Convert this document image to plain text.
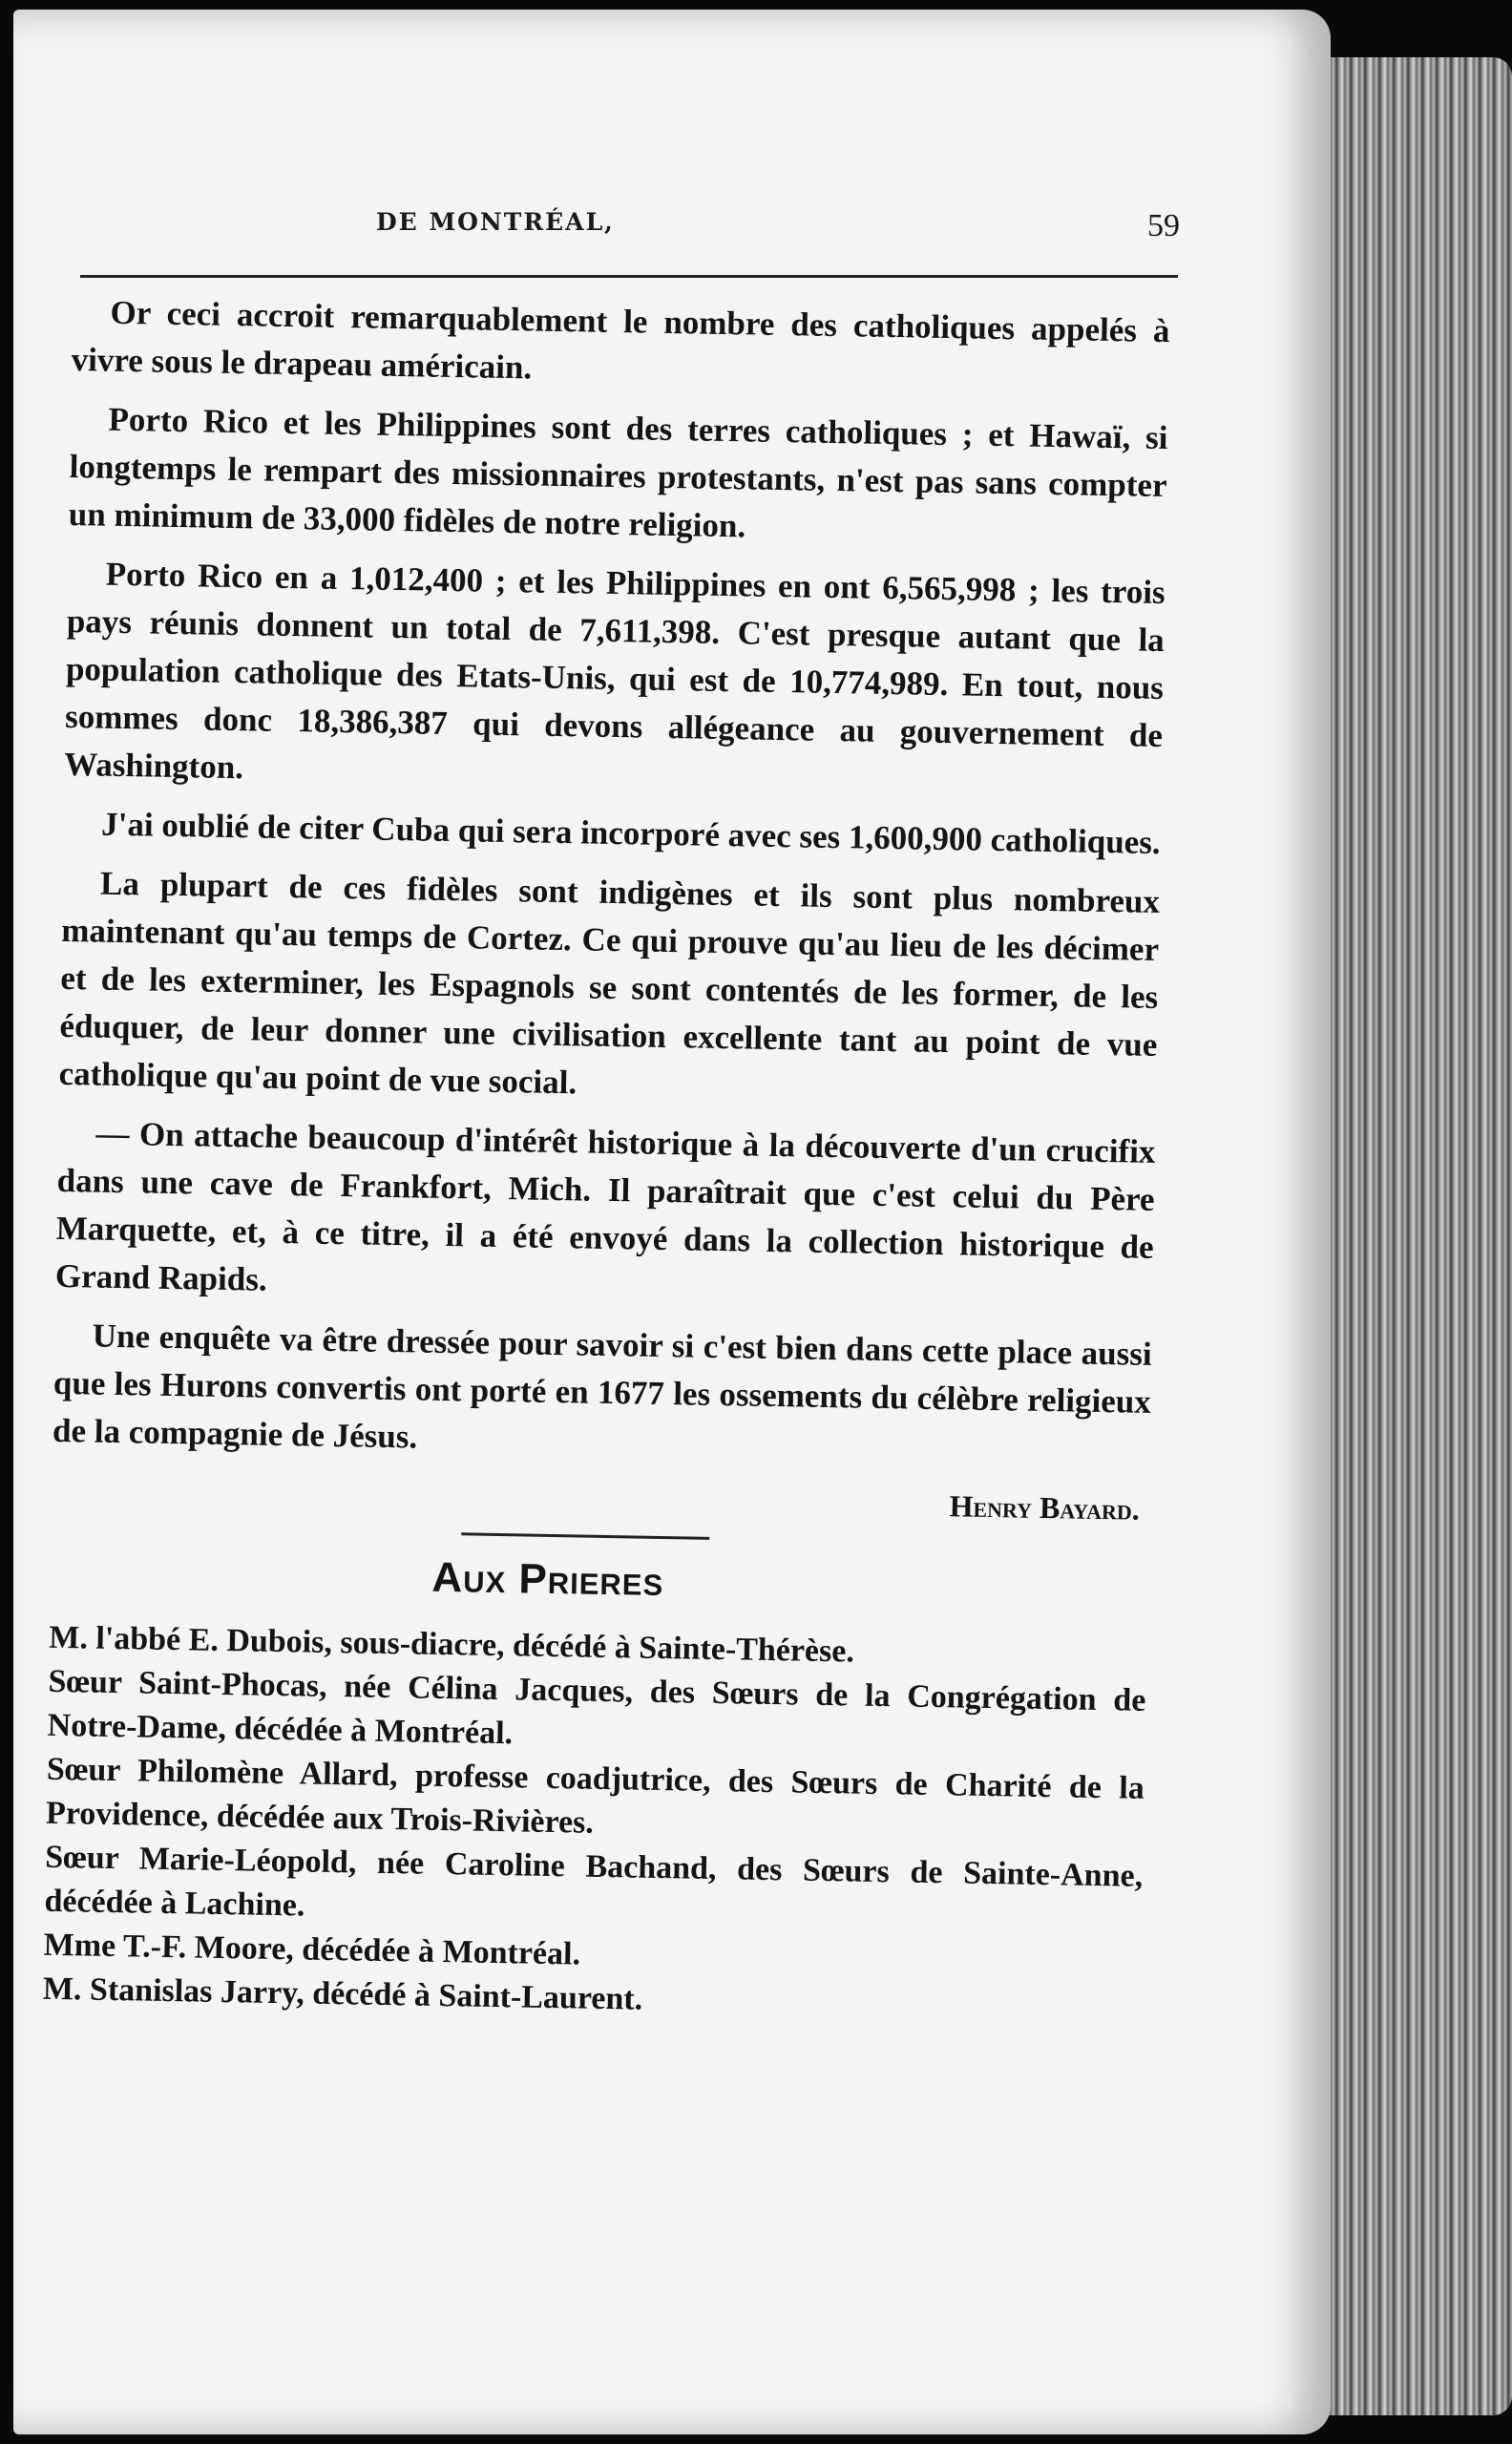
DE MONTRÉAL,	59

Or ceci accroit remarquablement le nombre des catholiques appelés à vivre sous le drapeau américain.

Porto Rico et les Philippines sont des terres catholiques ; et Hawaï, si longtemps le rempart des missionnaires protestants, n'est pas sans compter un minimum de 33,000 fidèles de notre religion.

Porto Rico en a 1,012,400 ; et les Philippines en ont 6,565,998 ; les trois pays réunis donnent un total de 7,611,398. C'est presque autant que la population catholique des Etats-Unis, qui est de 10,774,989. En tout, nous sommes donc 18,386,387 qui devons allégeance au gouvernement de Washington.

J'ai oublié de citer Cuba qui sera incorporé avec ses 1,600,900 catholiques.

La plupart de ces fidèles sont indigènes et ils sont plus nombreux maintenant qu'au temps de Cortez. Ce qui prouve qu'au lieu de les décimer et de les exterminer, les Espagnols se sont contentés de les former, de les éduquer, de leur donner une civilisation excellente tant au point de vue catholique qu'au point de vue social.

— On attache beaucoup d'intérêt historique à la découverte d'un crucifix dans une cave de Frankfort, Mich. Il paraîtrait que c'est celui du Père Marquette, et, à ce titre, il a été envoyé dans la collection historique de Grand Rapids.

Une enquête va être dressée pour savoir si c'est bien dans cette place aussi que les Hurons convertis ont porté en 1677 les ossements du célèbre religieux de la compagnie de Jésus.

Henry Bayard.
Aux Prieres
M. l'abbé E. Dubois, sous-diacre, décédé à Sainte-Thérèse.
Sœur Saint-Phocas, née Célina Jacques, des Sœurs de la Congrégation de Notre-Dame, décédée à Montréal.
Sœur Philomène Allard, professe coadjutrice, des Sœurs de Charité de la Providence, décédée aux Trois-Rivières.
Sœur Marie-Léopold, née Caroline Bachand, des Sœurs de Sainte-Anne, décédée à Lachine.
Mme T.-F. Moore, décédée à Montréal.
M. Stanislas Jarry, décédé à Saint-Laurent.
